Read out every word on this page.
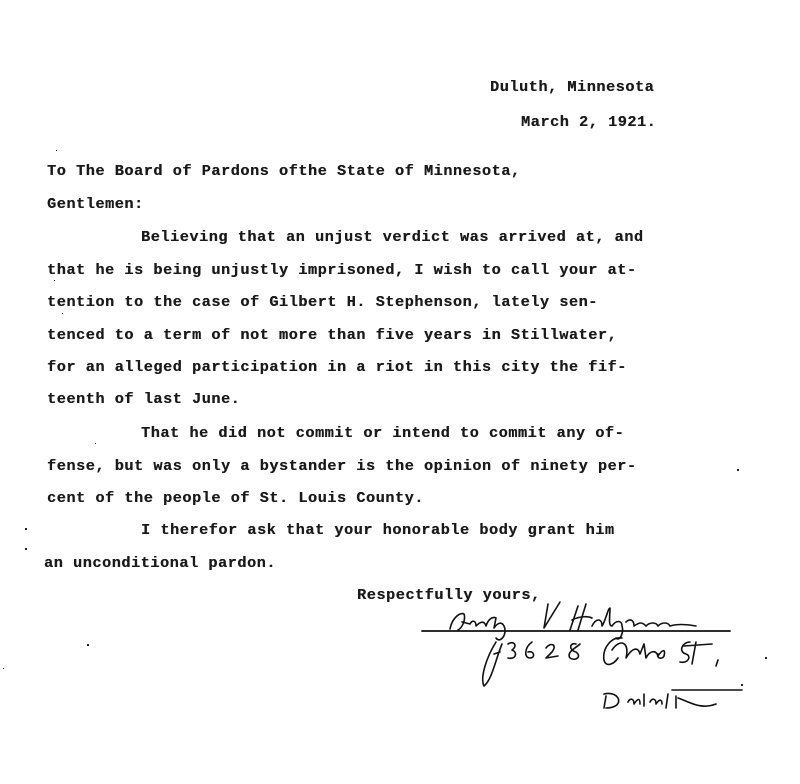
Duluth, Minnesota
March 2, 1921.
To The Board of Pardons ofthe State of Minnesota,
Gentlemen:
Believing that an unjust verdict was arrived at, and
that he is being unjustly imprisoned, I wish to call your at-
tention to the case of Gilbert H. Stephenson, lately sen-
tenced to a term of not more than five years in Stillwater,
for an alleged participation in a riot in this city the fif-
teenth of last June.
That he did not commit or intend to commit any of-
fense, but was only a bystander is the opinion of ninety per-
cent of the people of St. Louis County.
I therefor ask that your honorable body grant him
an unconditional pardon.
Respectfully yours,
